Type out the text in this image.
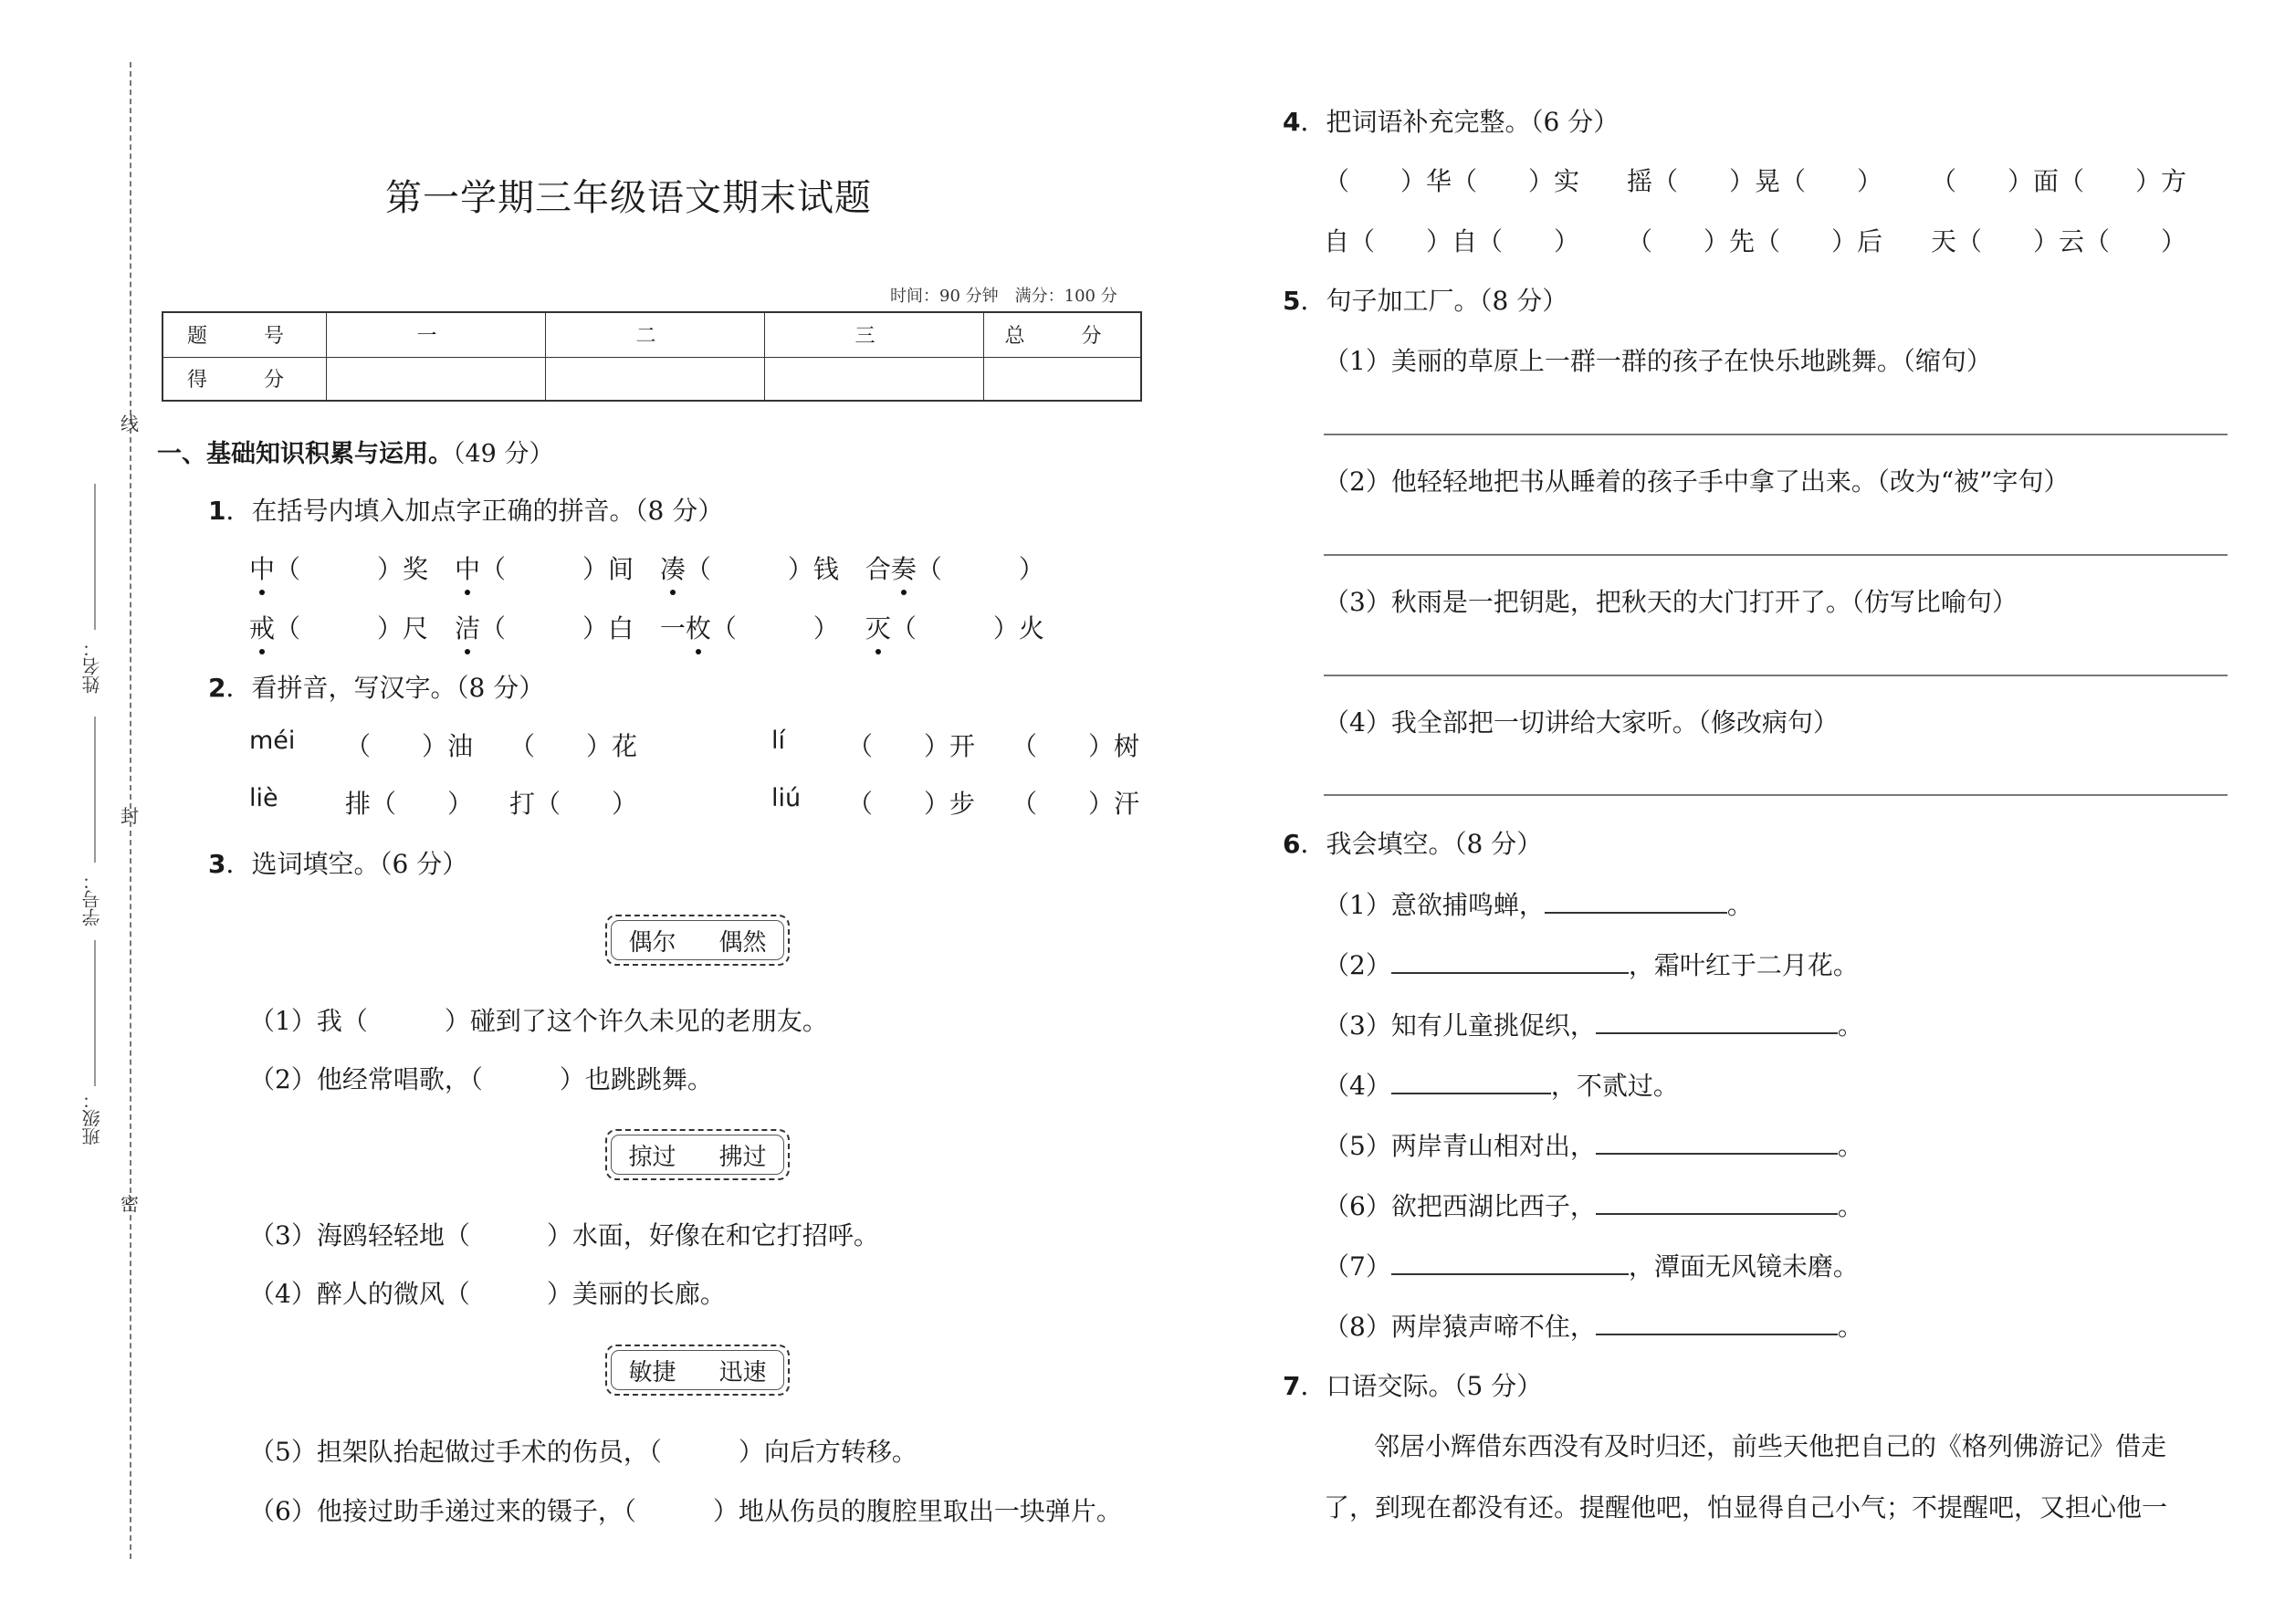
线
封
密
姓名：
学号：
班级：
第一学期三年级语文期末试题
时间：90 分钟　满分：100 分
题　号	一	二	三	总　分
得　分				
一、基础知识积累与运用。（49 分）
1．在括号内填入加点字正确的拼音。（8 分）
中（　　　）奖 中（　　　）间 凑（　　　）钱 合奏（　　　）
戒（　　　）尺 洁（　　　）白 一枚（　　　） 灭（　　　）火
2．看拼音，写汉字。（8 分）
méi （　　）油 （　　）花	lí （　　）开 （　　）树
liè	排（　　） 打（　　）	liú （　　）步 （　　）汗
3．选词填空。（6 分）
偶尔 偶然
（1）我（　　　）碰到了这个许久未见的老朋友。
（2）他经常唱歌，（　　　）也跳跳舞。
掠过 拂过
（3）海鸥轻轻地（　　　）水面，好像在和它打招呼。
（4）醉人的微风（　　　）美丽的长廊。
敏捷 迅速
（5）担架队抬起做过手术的伤员，（　　　）向后方转移。
（6）他接过助手递过来的镊子，（　　　）地从伤员的腹腔里取出一块弹片。
4．把词语补充完整。（6 分）
（　　）华（　　）实 摇（　　）晃（　　） （　　）面（　　）方
自（　　）自（　　） （　　）先（　　）后 天（　　）云（　　）
5．句子加工厂。（8 分）
（1）美丽的草原上一群一群的孩子在快乐地跳舞。（缩句）
（2）他轻轻地把书从睡着的孩子手中拿了出来。（改为“被”字句）
（3）秋雨是一把钥匙，把秋天的大门打开了。（仿写比喻句）
（4）我全部把一切讲给大家听。（修改病句）
6．我会填空。（8 分）
（1）意欲捕鸣蝉，	。
（2）	，霜叶红于二月花。
（3）知有儿童挑促织，	。
（4）	，不贰过。
（5）两岸青山相对出，	。
（6）欲把西湖比西子，	。
（7）	，潭面无风镜未磨。
（8）两岸猿声啼不住，	。
7．口语交际。（5 分）
邻居小辉借东西没有及时归还，前些天他把自己的《格列佛游记》借走
了，到现在都没有还。提醒他吧，怕显得自己小气；不提醒吧，又担心他一
